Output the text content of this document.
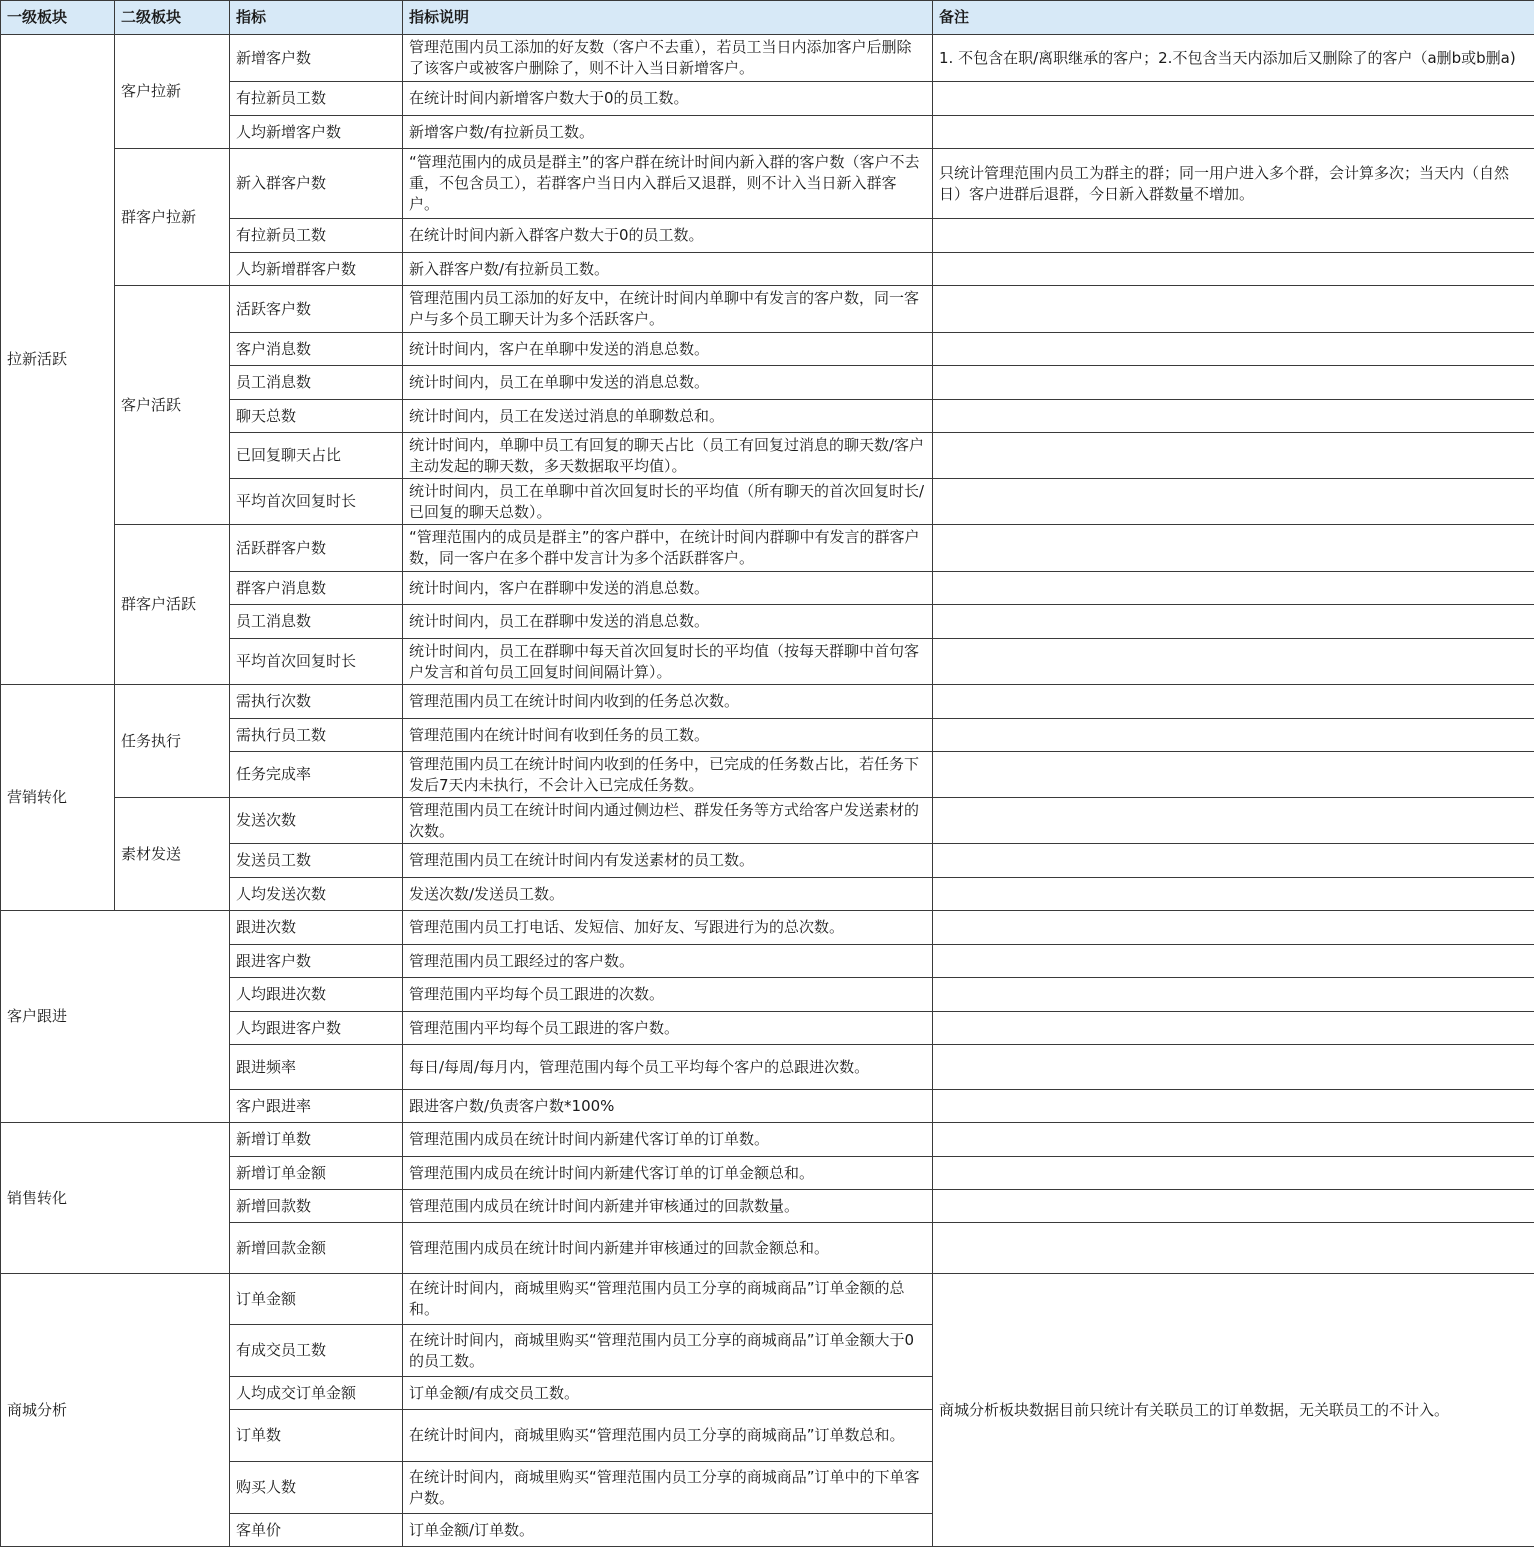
一级板块	二级板块	指标	指标说明	备注
拉新活跃	客户拉新	新增客户数	管理范围内员工添加的好友数（客户不去重），若员工当日内添加客户后删除了该客户或被客户删除了，则不计入当日新增客户。	1. 不包含在职/离职继承的客户；2.不包含当天内添加后又删除了的客户（a删b或b删a)
		有拉新员工数	在统计时间内新增客户数大于0的员工数。	
		人均新增客户数	新增客户数/有拉新员工数。	
	群客户拉新	新入群客户数	“管理范围内的成员是群主”的客户群在统计时间内新入群的客户数（客户不去重，不包含员工），若群客户当日内入群后又退群，则不计入当日新入群客户。	只统计管理范围内员工为群主的群；同一用户进入多个群，会计算多次；当天内（自然日）客户进群后退群，今日新入群数量不增加。
		有拉新员工数	在统计时间内新入群客户数大于0的员工数。	
		人均新增群客户数	新入群客户数/有拉新员工数。	
	客户活跃	活跃客户数	管理范围内员工添加的好友中，在统计时间内单聊中有发言的客户数，同一客户与多个员工聊天计为多个活跃客户。	
		客户消息数	统计时间内，客户在单聊中发送的消息总数。	
		员工消息数	统计时间内，员工在单聊中发送的消息总数。	
		聊天总数	统计时间内，员工在发送过消息的单聊数总和。	
		已回复聊天占比	统计时间内，单聊中员工有回复的聊天占比（员工有回复过消息的聊天数/客户主动发起的聊天数，多天数据取平均值）。	
		平均首次回复时长	统计时间内，员工在单聊中首次回复时长的平均值（所有聊天的首次回复时长/已回复的聊天总数）。	
	群客户活跃	活跃群客户数	“管理范围内的成员是群主”的客户群中，在统计时间内群聊中有发言的群客户数，同一客户在多个群中发言计为多个活跃群客户。	
		群客户消息数	统计时间内，客户在群聊中发送的消息总数。	
		员工消息数	统计时间内，员工在群聊中发送的消息总数。	
		平均首次回复时长	统计时间内，员工在群聊中每天首次回复时长的平均值（按每天群聊中首句客户发言和首句员工回复时间间隔计算）。	
营销转化	任务执行	需执行次数	管理范围内员工在统计时间内收到的任务总次数。	
		需执行员工数	管理范围内在统计时间有收到任务的员工数。	
		任务完成率	管理范围内员工在统计时间内收到的任务中，已完成的任务数占比，若任务下发后7天内未执行，不会计入已完成任务数。	
	素材发送	发送次数	管理范围内员工在统计时间内通过侧边栏、群发任务等方式给客户发送素材的次数。	
		发送员工数	管理范围内员工在统计时间内有发送素材的员工数。	
		人均发送次数	发送次数/发送员工数。	
客户跟进		跟进次数	管理范围内员工打电话、发短信、加好友、写跟进行为的总次数。	
		跟进客户数	管理范围内员工跟经过的客户数。	
		人均跟进次数	管理范围内平均每个员工跟进的次数。	
		人均跟进客户数	管理范围内平均每个员工跟进的客户数。	
		跟进频率	每日/每周/每月内，管理范围内每个员工平均每个客户的总跟进次数。	
		客户跟进率	跟进客户数/负责客户数*100%	
销售转化		新增订单数	管理范围内成员在统计时间内新建代客订单的订单数。	
		新增订单金额	管理范围内成员在统计时间内新建代客订单的订单金额总和。	
		新增回款数	管理范围内成员在统计时间内新建并审核通过的回款数量。	
		新增回款金额	管理范围内成员在统计时间内新建并审核通过的回款金额总和。	
商城分析		订单金额	在统计时间内，商城里购买“管理范围内员工分享的商城商品”订单金额的总和。	商城分析板块数据目前只统计有关联员工的订单数据，无关联员工的不计入。
		有成交员工数	在统计时间内，商城里购买“管理范围内员工分享的商城商品”订单金额大于0的员工数。	
		人均成交订单金额	订单金额/有成交员工数。	
		订单数	在统计时间内，商城里购买“管理范围内员工分享的商城商品”订单数总和。	
		购买人数	在统计时间内，商城里购买“管理范围内员工分享的商城商品”订单中的下单客户数。	
		客单价	订单金额/订单数。	
